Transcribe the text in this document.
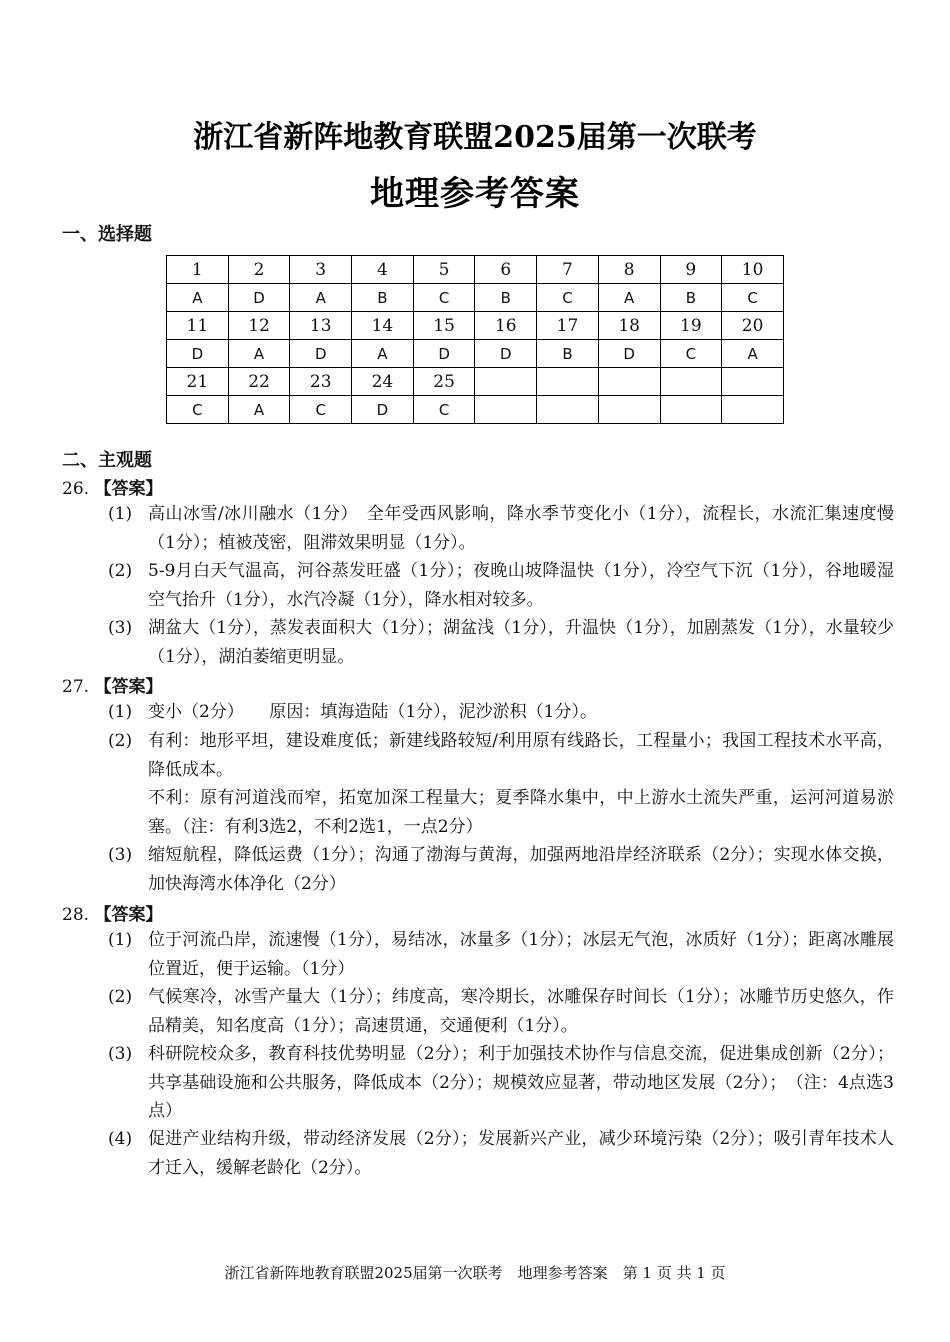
浙江省新阵地教育联盟2025届第一次联考
地理参考答案
一、选择题
1	2	3	4	5	6	7	8	9	10
A	D	A	B	C	B	C	A	B	C
11	12	13	14	15	16	17	18	19	20
D	A	D	A	D	D	B	D	C	A
21	22	23	24	25					
C	A	C	D	C					
二、主观题
26. 【答案】
(1) 高山冰雪/冰川融水（1分）　全年受西风影响，降水季节变化小（1分），流程长，水流汇集速度慢（1分）；植被茂密，阻滞效果明显（1分）。

(2) 5-9月白天气温高，河谷蒸发旺盛（1分）；夜晚山坡降温快（1分），冷空气下沉（1分），谷地暖湿空气抬升（1分），水汽冷凝（1分），降水相对较多。

(3) 湖盆大（1分），蒸发表面积大（1分）；湖盆浅（1分），升温快（1分），加剧蒸发（1分），水量较少（1分），湖泊萎缩更明显。

27. 【答案】
(1) 变小（2分）　　原因：填海造陆（1分），泥沙淤积（1分）。

(2) 有利：地形平坦，建设难度低；新建线路较短/利用原有线路长，工程量小；我国工程技术水平高，降低成本。

不利：原有河道浅而窄，拓宽加深工程量大；夏季降水集中，中上游水土流失严重，运河河道易淤塞。（注：有利3选2，不利2选1，一点2分）

(3) 缩短航程，降低运费（1分）；沟通了渤海与黄海，加强两地沿岸经济联系（2分）；实现水体交换，加快海湾水体净化（2分）

28. 【答案】
(1) 位于河流凸岸，流速慢（1分），易结冰，冰量多（1分）；冰层无气泡，冰质好（1分）；距离冰雕展位置近，便于运输。（1分）

(2) 气候寒冷，冰雪产量大（1分）；纬度高，寒冷期长，冰雕保存时间长（1分）；冰雕节历史悠久，作品精美，知名度高（1分）；高速贯通，交通便利（1分）。

(3) 科研院校众多，教育科技优势明显（2分）；利于加强技术协作与信息交流，促进集成创新（2分）；共享基础设施和公共服务，降低成本（2分）；规模效应显著，带动地区发展（2分）；　（注：4点选3点）

(4) 促进产业结构升级，带动经济发展（2分）；发展新兴产业，减少环境污染（2分）；吸引青年技术人才迁入，缓解老龄化（2分）。

浙江省新阵地教育联盟2025届第一次联考　地理参考答案　第 1 页 共 1 页
